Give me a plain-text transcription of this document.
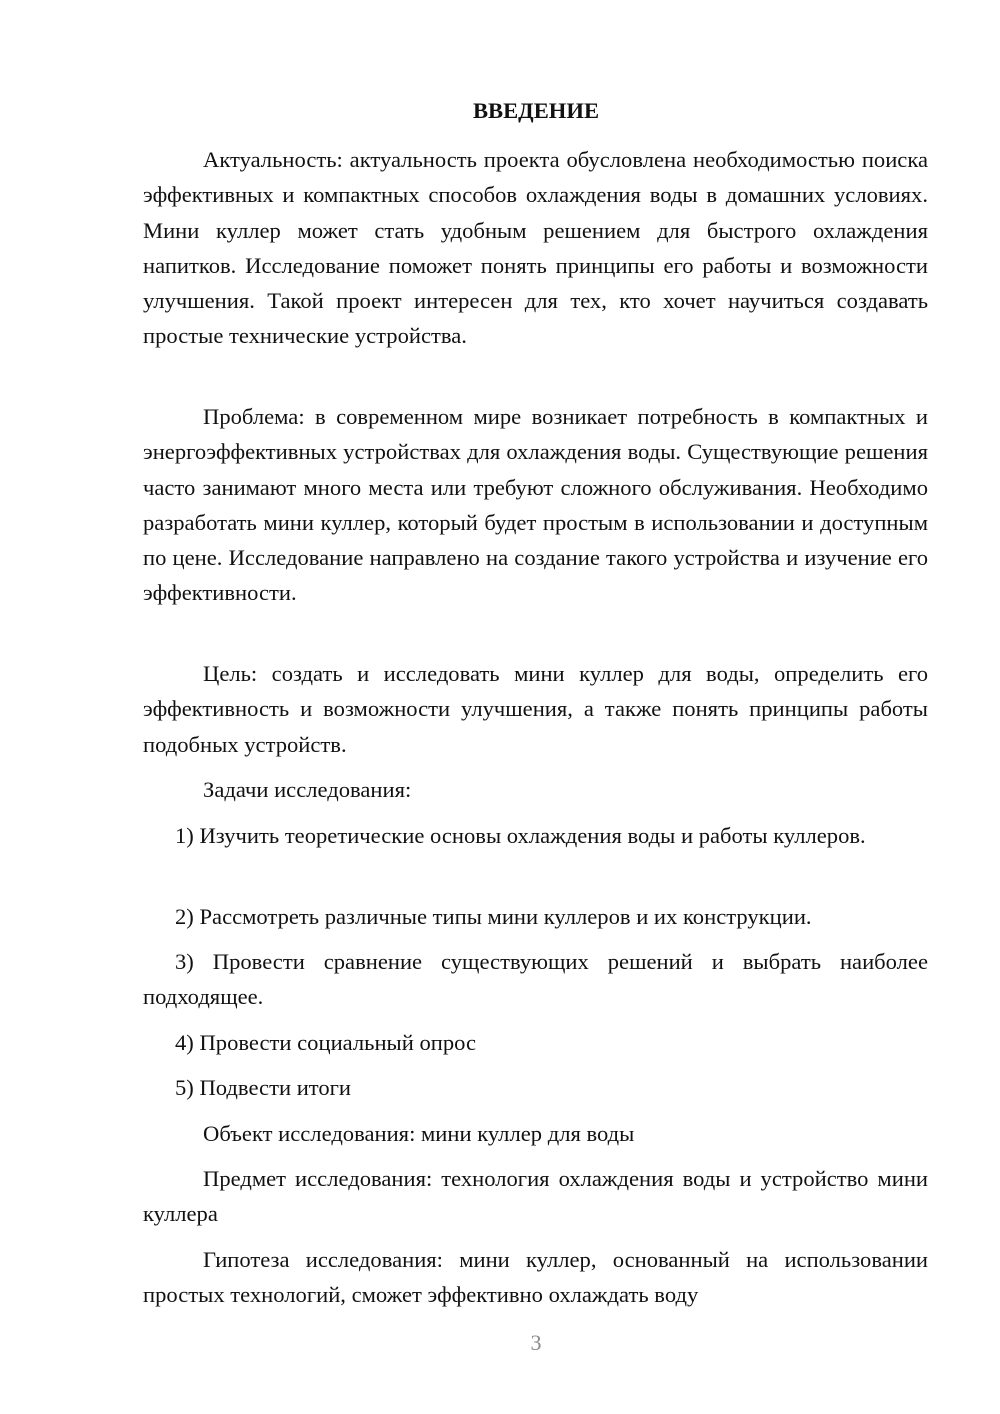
ВВЕДЕНИЕ

Актуальность: актуальность проекта обусловлена необходимостью поиска эффективных и компактных способов охлаждения воды в домашних условиях. Мини куллер может стать удобным решением для быстрого охлаждения напитков. Исследование поможет понять принципы его работы и возможности улучшения. Такой проект интересен для тех, кто хочет научиться создавать простые технические устройства.

Проблема: в современном мире возникает потребность в компактных и энергоэффективных устройствах для охлаждения воды. Существующие решения часто занимают много места или требуют сложного обслуживания. Необходимо разработать мини куллер, который будет простым в использовании и доступным по цене. Исследование направлено на создание такого устройства и изучение его эффективности.

Цель: создать и исследовать мини куллер для воды, определить его эффективность и возможности улучшения, а также понять принципы работы подобных устройств.

Задачи исследования:

1) Изучить теоретические основы охлаждения воды и работы куллеров.

2) Рассмотреть различные типы мини куллеров и их конструкции.

3) Провести сравнение существующих решений и выбрать наиболее подходящее.

4) Провести социальный опрос

5) Подвести итоги

Объект исследования: мини куллер для воды

Предмет исследования: технология охлаждения воды и устройство мини куллера

Гипотеза исследования: мини куллер, основанный на использовании простых технологий, сможет эффективно охлаждать воду

3
